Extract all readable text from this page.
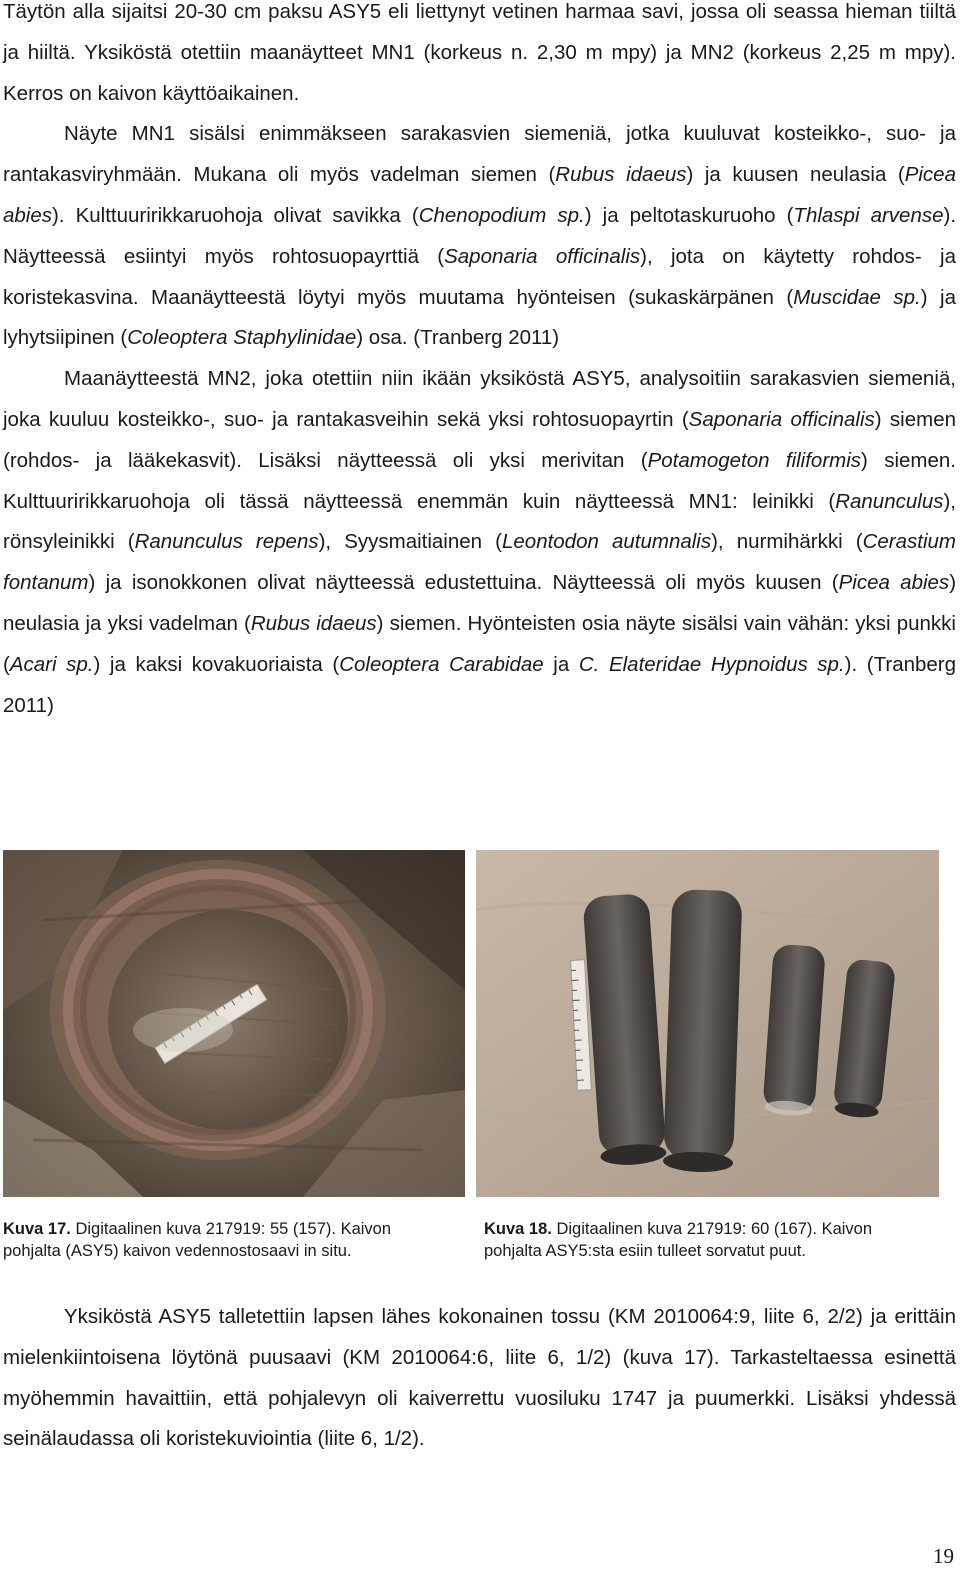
Täytön alla sijaitsi 20-30 cm paksu ASY5 eli liettynyt vetinen harmaa savi, jossa oli seassa hieman tiiltä ja hiiltä. Yksiköstä otettiin maanäytteet MN1 (korkeus n. 2,30 m mpy) ja MN2 (korkeus 2,25 m mpy). Kerros on kaivon käyttöaikainen.

Näyte MN1 sisälsi enimmäkseen sarakasvien siemeniä, jotka kuuluvat kosteikko-, suo- ja rantakasviryhmään. Mukana oli myös vadelman siemen (Rubus idaeus) ja kuusen neulasia (Picea abies). Kulttuuririkkaruohoja olivat savikka (Chenopodium sp.) ja peltotaskuruoho (Thlaspi arvense). Näytteessä esiintyi myös rohtosuopayrttiä (Saponaria officinalis), jota on käytetty rohdos- ja koristekasvina. Maanäytteestä löytyi myös muutama hyönteisen (sukaskärpänen (Muscidae sp.) ja lyhytsiipinen (Coleoptera Staphylinidae) osa. (Tranberg 2011)

Maanäytteestä MN2, joka otettiin niin ikään yksiköstä ASY5, analysoitiin sarakasvien siemeniä, joka kuuluu kosteikko-, suo- ja rantakasveihin sekä yksi rohtosuopayrtin (Saponaria officinalis) siemen (rohdos- ja lääkekasvit). Lisäksi näytteessä oli yksi merivitan (Potamogeton filiformis) siemen. Kulttuuririkkaruohoja oli tässä näytteessä enemmän kuin näytteessä MN1: leinikki (Ranunculus), rönsyleinikki (Ranunculus repens), Syysmaitiainen (Leontodon autumnalis), nurmihärkki (Cerastium fontanum) ja isonokkonen olivat näytteessä edustettuina. Näytteessä oli myös kuusen (Picea abies) neulasia ja yksi vadelman (Rubus idaeus) siemen. Hyönteisten osia näyte sisälsi vain vähän: yksi punkki (Acari sp.) ja kaksi kovakuoriaista (Coleoptera Carabidae ja C. Elateridae Hypnoidus sp.). (Tranberg 2011)

Kuva 17. Digitaalinen kuva 217919: 55 (157). Kaivon
pohjalta (ASY5) kaivon vedennostosaavi in situ.
Kuva 18. Digitaalinen kuva 217919: 60 (167). Kaivon
pohjalta ASY5:sta esiin tulleet sorvatut puut.

Yksiköstä ASY5 talletettiin lapsen lähes kokonainen tossu (KM 2010064:9, liite 6, 2/2) ja erittäin mielenkiintoisena löytönä puusaavi (KM 2010064:6, liite 6, 1/2) (kuva 17). Tarkasteltaessa esinettä myöhemmin havaittiin, että pohjalevyn oli kaiverrettu vuosiluku 1747 ja puumerkki. Lisäksi yhdessä seinälaudassa oli koristekuviointia (liite 6, 1/2).

19
